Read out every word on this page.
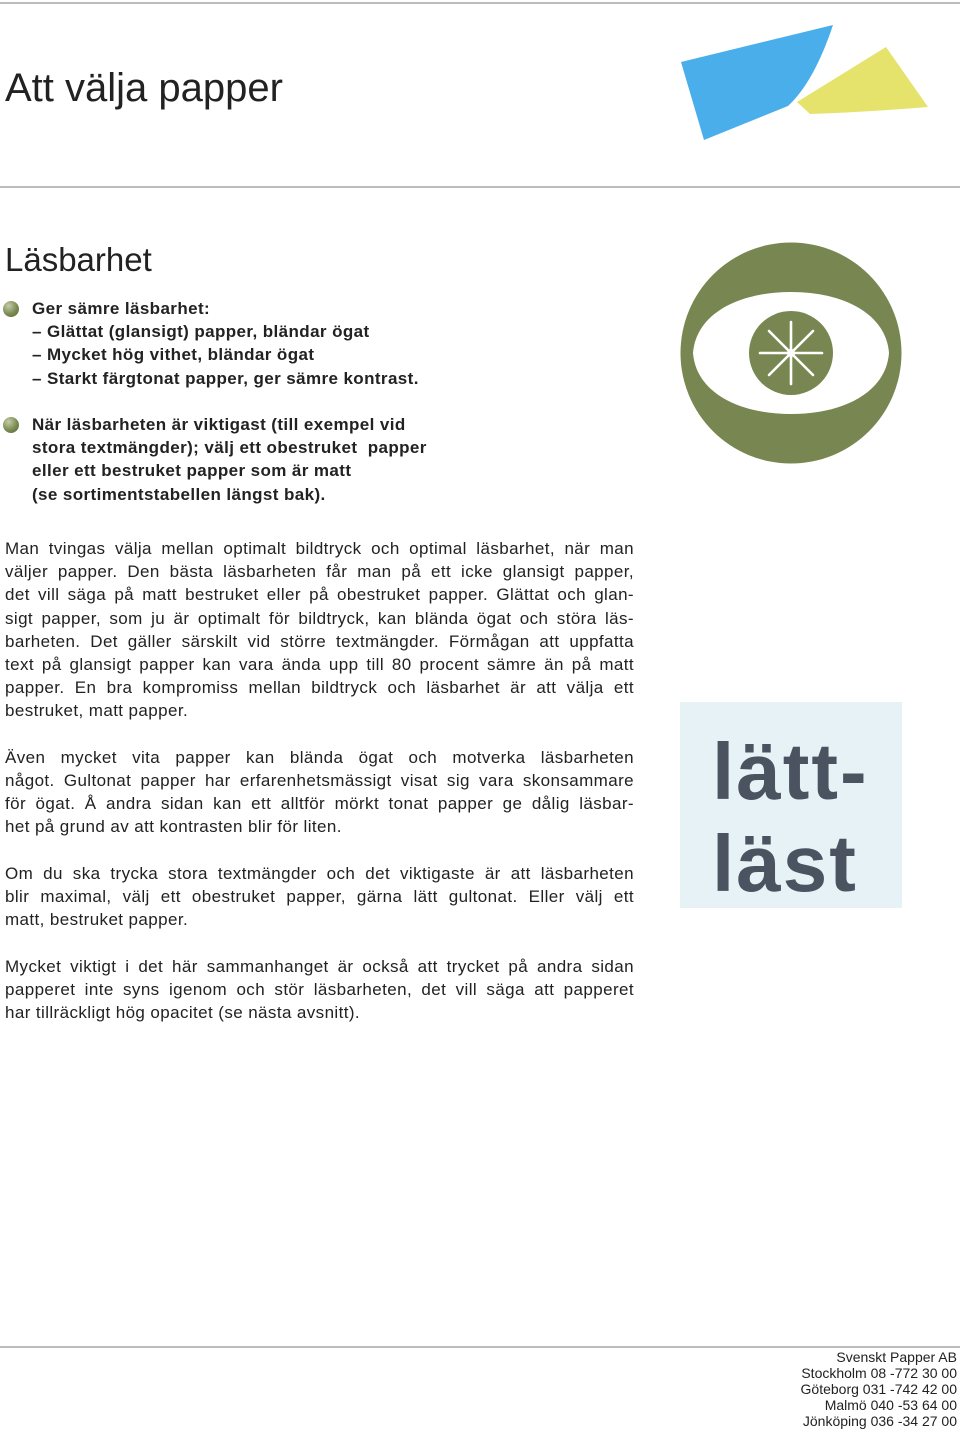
Att välja papper
Läsbarhet
Ger sämre läsbarhet:
– Glättat (glansigt) papper, bländar ögat
– Mycket hög vithet, bländar ögat
– Starkt färgtonat papper, ger sämre kontrast.
När läsbarheten är viktigast (till exempel vid
stora textmängder); välj ett obestruket  papper
eller ett bestruket papper som är matt
(se sortimentstabellen längst bak).
Man tvingas välja mellan optimalt bildtryck och optimal läsbarhet, när man
väljer papper. Den bästa läsbarheten får man på ett icke glansigt papper,
det vill säga på matt bestruket eller på obestruket papper. Glättat och glan-
sigt papper, som ju är optimalt för bildtryck, kan blända ögat och störa läs-
barheten. Det gäller särskilt vid större textmängder. Förmågan att uppfatta
text på glansigt papper kan vara ända upp till 80 procent sämre än på matt
papper. En bra kompromiss mellan bildtryck och läsbarhet är att välja ett
bestruket, matt papper.
Även mycket vita papper kan blända ögat och motverka läsbarheten
något. Gultonat papper har erfarenhetsmässigt visat sig vara skonsammare
för ögat. Å andra sidan kan ett alltför mörkt tonat papper ge dålig läsbar-
het på grund av att kontrasten blir för liten.
Om du ska trycka stora textmängder och det viktigaste är att läsbarheten
blir maximal, välj ett obestruket papper, gärna lätt gultonat. Eller välj ett
matt, bestruket papper.
Mycket viktigt i det här sammanhanget är också att trycket på andra sidan
papperet inte syns igenom och stör läsbarheten, det vill säga att papperet
har tillräckligt hög opacitet (se nästa avsnitt).
lätt-
läst
Svenskt Papper AB
Stockholm 08 -772 30 00
Göteborg 031 -742 42 00
Malmö 040 -53 64 00
Jönköping 036 -34 27 00
